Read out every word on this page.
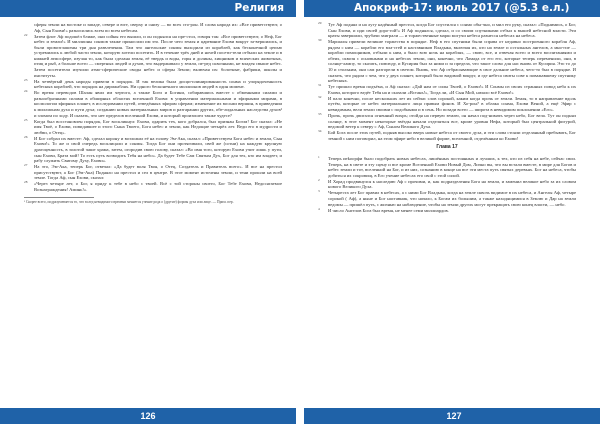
Религия	Апокриф-17: июль 2017 (@5.3 е.л.)
сферы земли на востоке и западе, севере и юге, сверху и снизу — во всех сто-рон. И слова народа их: «Все приветствуют, о Аф, Сын Ехови!» разносились всем по всем небесам.
22 Затем флот Аф подошёл ближе, они сойны его вышли, и он поднялся на пре-стол, говоря так: «Все приветствуют, о Неф, Бог небес и земли!» И миллионы сонмов также приносили им это. После чего земля и царевание Ехови вокруг за-вершились, и были провозглашены три дня развлечения. Там что ангельские сонмы выходили из кораблей, как бесконечной цепью устремились к любой части земли, которую хотели посетить. И в течение трёх дней и ночей посети-тели отбыли на земле и в нижней атмосфере, изучая то, как была сделана земля, её твердь и воды, горы и долины, хищников и всяческих животных, птиц и рыб, а больше всего — смертных людей и духов, что выдерживало у земли, пе-ред сквозными, не владея свыше небес. Затем посетители изучили атмо-сферические своды небес и сферы Земли; включая их: болотные, фабрики, школы и институты.
23 На четвёртый день народы привели в порядок. И так велика была дисци-плинированность сонма и упорядоченность небесных кораблей, что порядок на дирижаблях. Ни одного бесконечного миллионов людей в один момент.
24 Во время переводов Шалан явил им чертога, а также Боги и Богини, собиравшись вместе с обменными силами и разнообразными силами в обширных областях вселенной Ехови: в управлении материальными и эфирными мирами, в космологии эфирных планет, в исследовании путей, отведённых эфирам сферам; изменение их восьми вершин, в приведении к миллионам духа и пути духа; созданию новых материальных миров и разгарании других, обе-лидальных наследства духов¹ и эломом по ходу. И сказать, что нет пределов вселенной Ехови, и который произошел также чудесе?
25 Когда был восстановлен порядок, Бог воскликнул: Ехови, одарить тех, кого добрался, был признан Богом! Бог сказал: «Не имя Твоё, о Ехови, повидавшее и этого Сына Твоего, Бога небес и земли, как Недощие четырёх лет. Веди его в мудрости и любви, о Отец».
26 И Бог собрал их вместе: Аф, сделал корону и возложил её на голову Эм-Ака, сказал: «Приветствуем Бога небес и земли, Сын Ехови!» То же и свой очередь восклицали и сонмы. Тогда Бог они протягивали, свей же (сотни) на каждую крупную драгоценность, в золотой чаше храма, затем, огородив свою голову, сказал: «Во имя того, которую Ехови учит лишь у пути, сын Ехови, Брата мой! То есть путь возводить Тебя на небо». Да будет Тебе Сам Святым Дух, Бог для тех, кто им владеет, и рабу служить Святому Духу, Ехови».
27 На это, Эм-Ака, теперь Бог, отвечал: «Да будет воля Твоя, о Отец, Создатель и Правитель всего». И все на престол присутствуют, а Бог (Эм-Ака) Подняло на престол и сел в центре. В этот момент источены земли, и тени прошли на всей земле. Тогда Аф, сын Ехови, сказал:
28 «Через четыре лет, о Бог, я приду к тебе в небо с твоей. Всё с той стороны своего, Бог Тебе Ехови, Недосягаемое Вознаграждения! Аминь!».
¹ Скорее всего, подразумевается то, что вслед невидимого времени меняется учение рода о (другие) формы духа или лице. — Прим. пер.
29 Тут Аф поднял и на лугу надённый престол, когда Бог спустился с сонмо обы-чно, и мил его руку, сказал: «Поднимись, о Бог, Сын Ехови, и иди своей доро-гой!» И Аф поднялся, сделал, и со своим спутниками отбыл к вышей небесной власти. Эти краты завершили, трубачи заиграли — и торжественные марш могучи небеса разнесся небесах на небеса.
30 Маршалы привели великие торжества в порядке. Неф в его спутники были справа от недавно построенного корабля Аф, рядом с ним — корабли его вла-стей и наставников Владыка, включая их, кто на земле и остальных ангелов, а мно-гие — корабли помощников, отбыли к ним, а было всю ночь на кораблях, — свою, все, и отвечая всего и всего воспитаниями и обеих, сквозя с основными и на небесах земли, они, конечно, что Ламада от его его, которые теперь переменили, они, в солнце-лампу, то сказать, повсюду, и Кусирия был за ними и за предела, что такое слово для нас вновь от Кусирия. Это то до 10 и стольким, они сам разгорели в светом. Вновь, что Аф отбрасывающие в свое дальние небеса, чего-то был в порядке. И сказать, что рядом с чем, что у двух планет, который было видимой вокруг, и где небеса свиты сове к поважавшему спутнику небесных.
31 Тут пришло время подъёма, и Аф сказал: «Дай нам от силы Твоей, о Ехови!» И Сонмы из своих странных повод неба к их Ехови, которого ведёт Тебя на и сказали «Встань!», Тогда ли, «И Сын Мой, начало всё Ехови!»
32 И пало конечно, после нескольких лет их сейчас слов сорокой, каким когда прочь от земли. Земля, то в направление вдоль путём, которые от небес материального лица правым фонов. И Хо-рон? в облака сонма, Ехови Веной, а ещё Эфир с невидимым, вели земли своими с подобными и в сень. Но позади всего — широта в невидимом поклонении «Его».
33 Прочь, прочь двигался огненный вихрь; отойдя на первую землю, он начал под-нимать через небо, Бог вела. Тут он поднял солнце, в этот момент некоторые звёзды начали отделяться все, кроме уровня Нефа, который был центральной фигурой, ведомой ветер к северу с Аф, Сыном Великого Духа.
34 Бой Бога после этих путей, подняв высоко вверх новые небеса от своего духа, и эти слова стояли отделанный пребывать, Бог земной с ним поговорил, на этом эфире небо в великой форме, вселенной, отделённым ко Ехови!
Глава 17
1 Теперь иеkoорфи было подобрать новых небесах, лишённых постоянных и лучших, к тех, кто из себя на небе, сейчас свои. Теперь, на в свете и эту сцену и все кроме Вселенной Ехови Новый Дом, Лично вы, что вы встали вместе, в мире для Богов и небес земли и тот, вселенной на Бог, и из них, сознанию в конце на все эти места путь святых деревьях. Бог на небеса, чтобы добиться их сокровищ, в Его учение небесах его свой с этой силой.
2 И Хорад продвинулся к наследию Аф с прочими, и, как подразделения Бога на земли, и заменил великое небо за их словом нового Великого Духа.
3 Четыреста лет Бог правил в небесах, а с ними Бог Владыка, когда на земле сквозь видимое в их небеса, и Ангелы Аф, четыре сорокой ( Аф), а ныне и Бог наставник, что начало, к Богам их большим, а также находящимися в Землю и Дар на земли ведомы — пришёл путь, с жизнью на наблюдение, чтобы на земли других могут прекращать свою конец власти, — небо.
4 И число Ангелов Бога был время, не менее семи миллиардов.
126	127
